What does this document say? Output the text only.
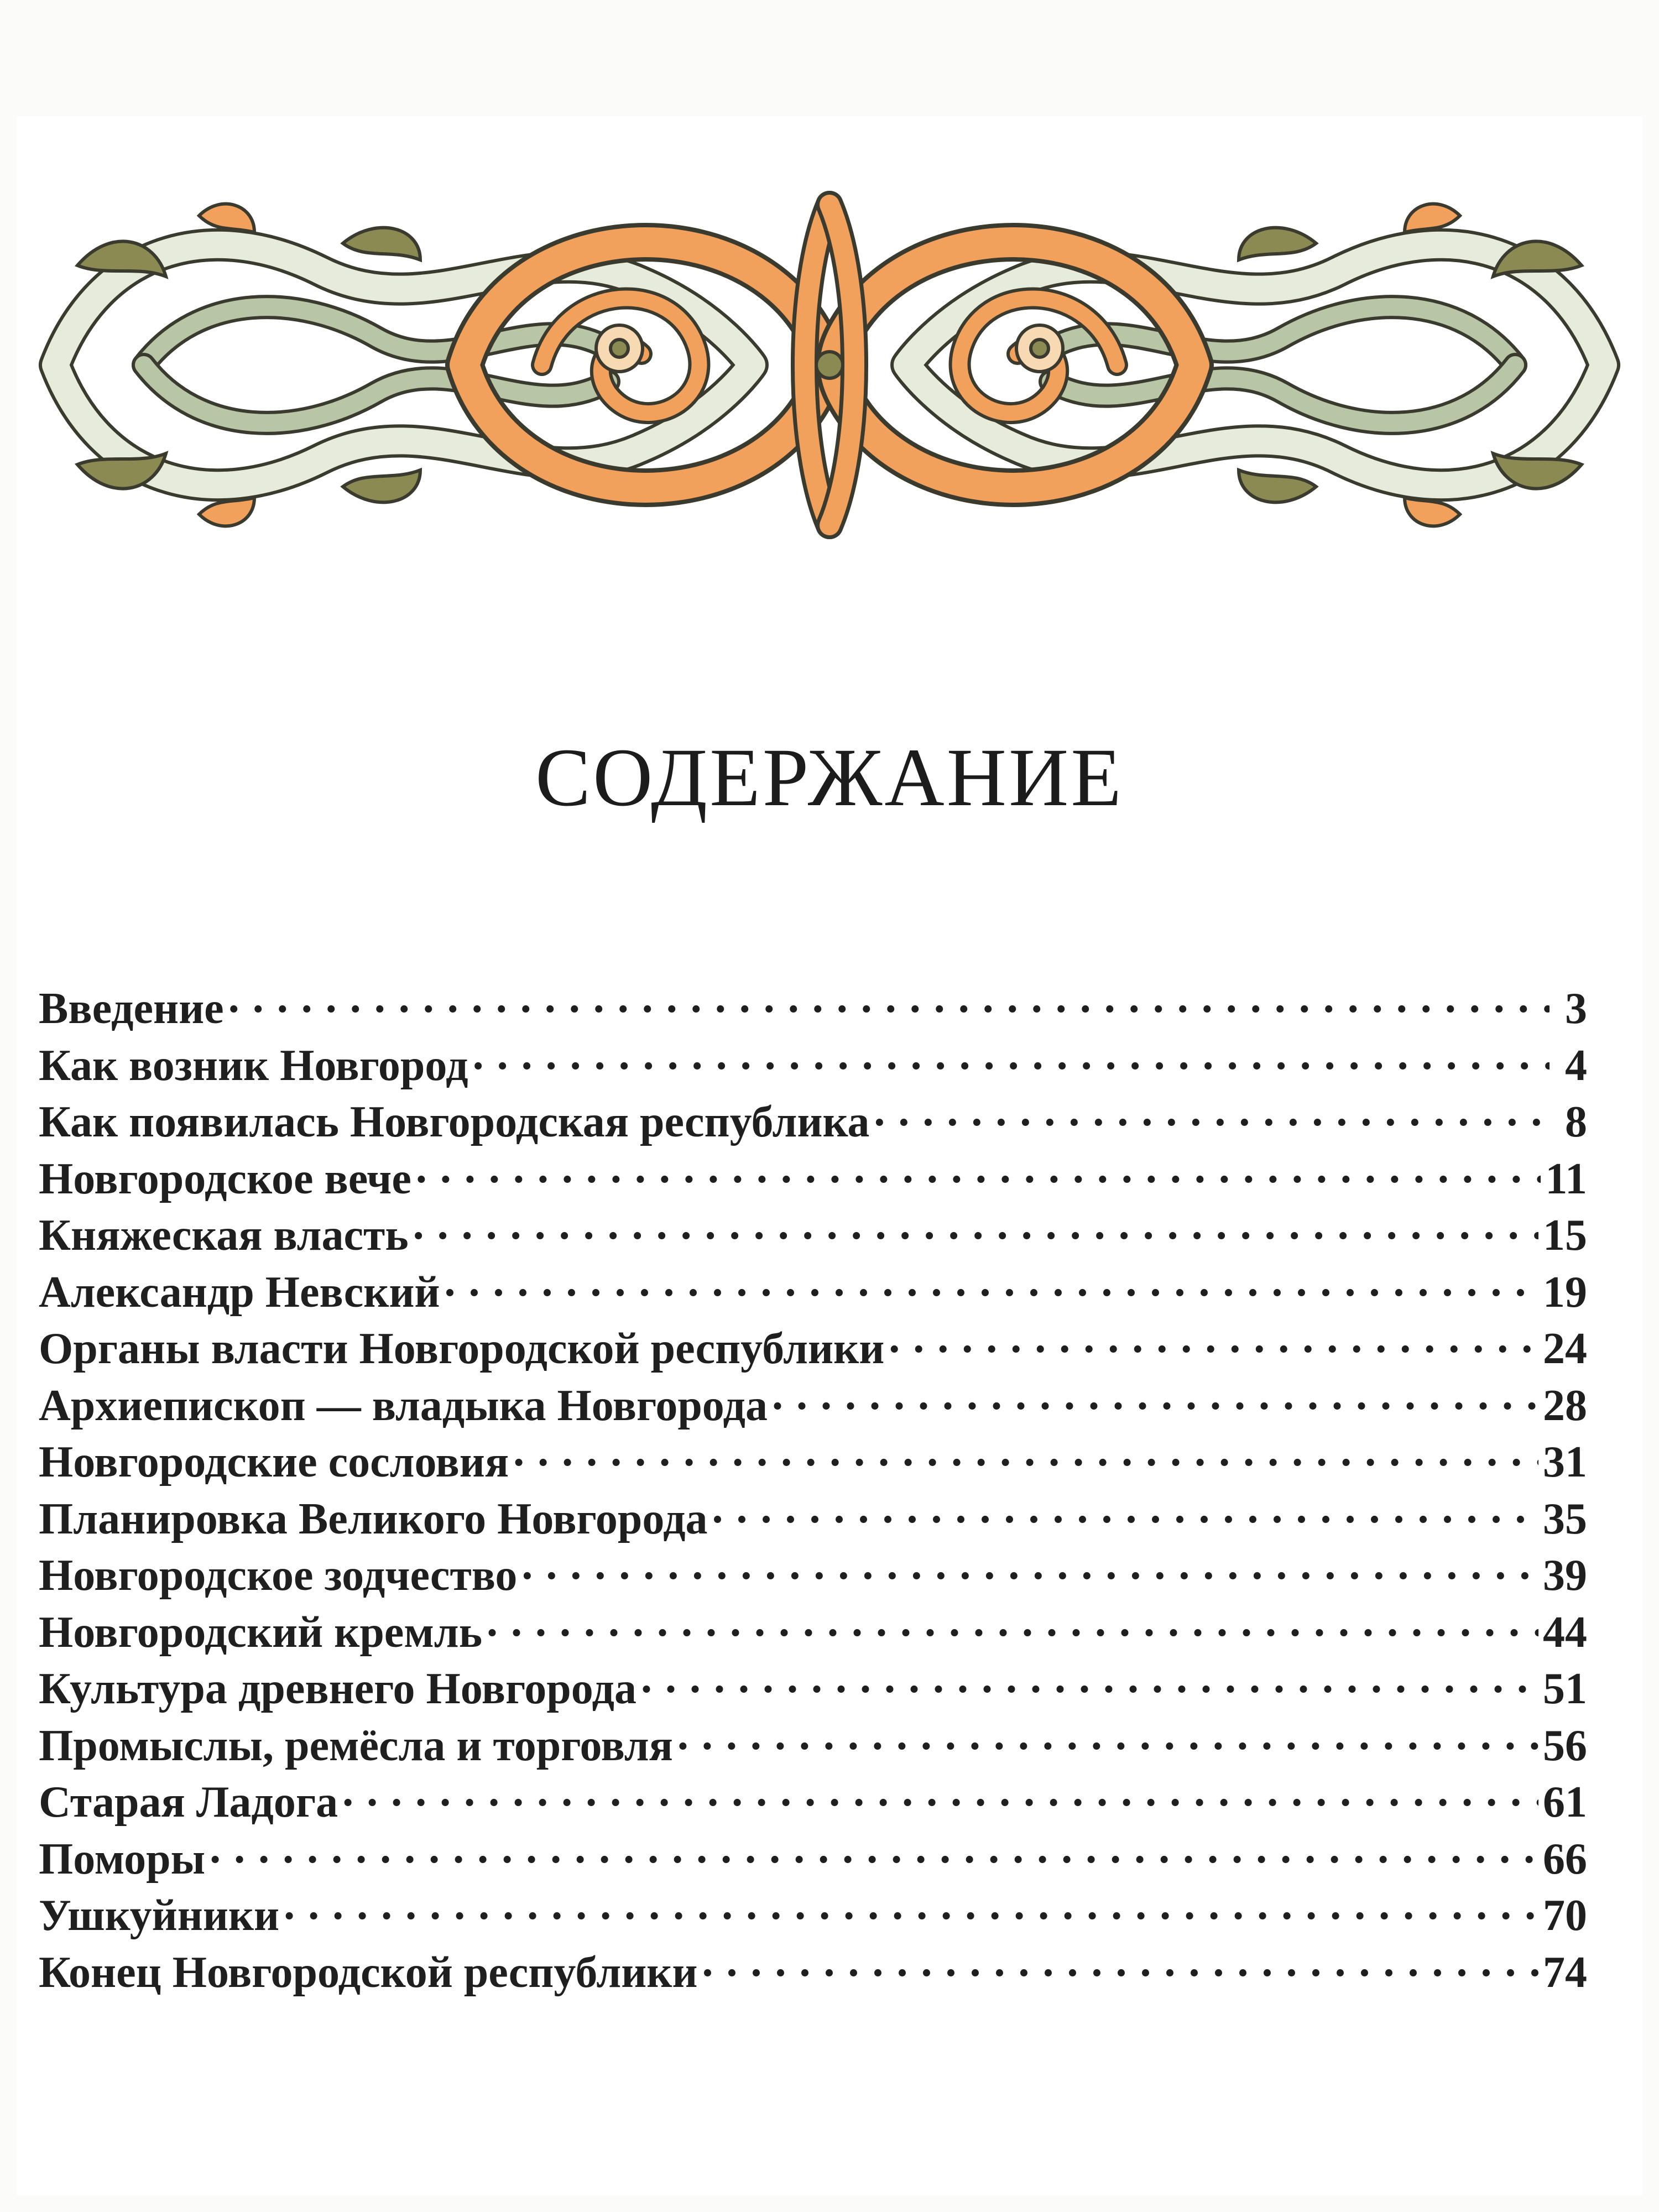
СОДЕРЖАНИЕ
Введение . . .	3
Как возник Новгород . . .	4
Как появилась Новгородская республика . . .	8
Новгородское вече . . .	11
Княжеская власть . . .	15
Александр Невский . . .	19
Органы власти Новгородской республики . . .	24
Архиепископ — владыка Новгорода . . .	28
Новгородские сословия . . .	31
Планировка Великого Новгорода . . .	35
Новгородское зодчество . . .	39
Новгородский кремль . . .	44
Культура древнего Новгорода . . .	51
Промыслы, ремёсла и торговля . . .	56
Старая Ладога . . .	61
Поморы . . .	66
Ушкуйники . . .	70
Конец Новгородской республики . . .	74
